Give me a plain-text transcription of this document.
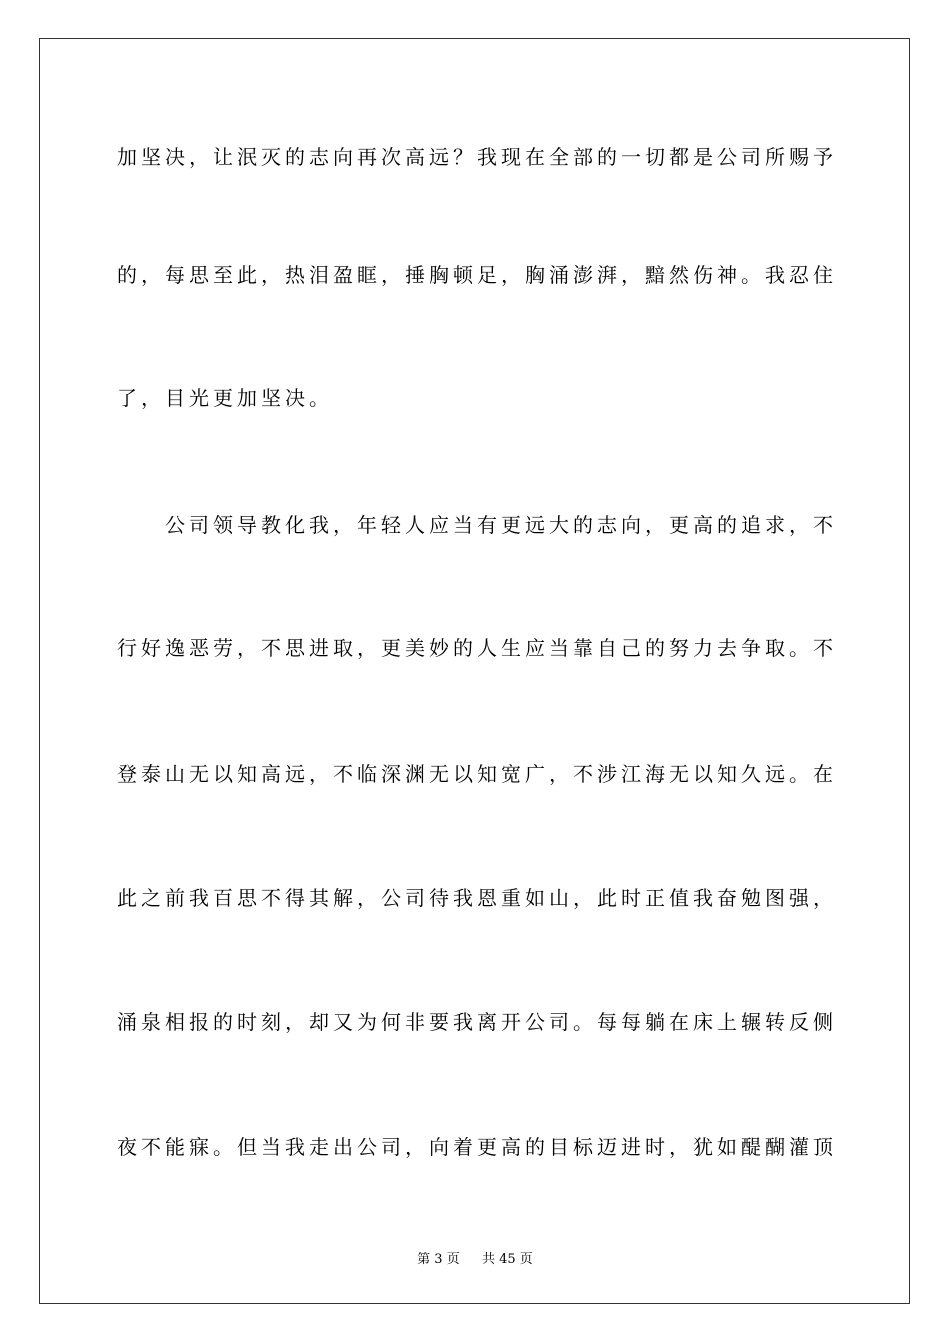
加坚决，让泯灭的志向再次高远？我现在全部的一切都是公司所赐予
的，每思至此，热泪盈眶，捶胸顿足，胸涌澎湃，黯然伤神。我忍住
了，目光更加坚决。
　　公司领导教化我，年轻人应当有更远大的志向，更高的追求，不
行好逸恶劳，不思进取，更美妙的人生应当靠自己的努力去争取。不
登泰山无以知高远，不临深渊无以知宽广，不涉江海无以知久远。在
此之前我百思不得其解，公司待我恩重如山，此时正值我奋勉图强，
涌泉相报的时刻，却又为何非要我离开公司。每每躺在床上辗转反侧
夜不能寐。但当我走出公司，向着更高的目标迈进时，犹如醍醐灌顶
第 3 页 共 45 页
